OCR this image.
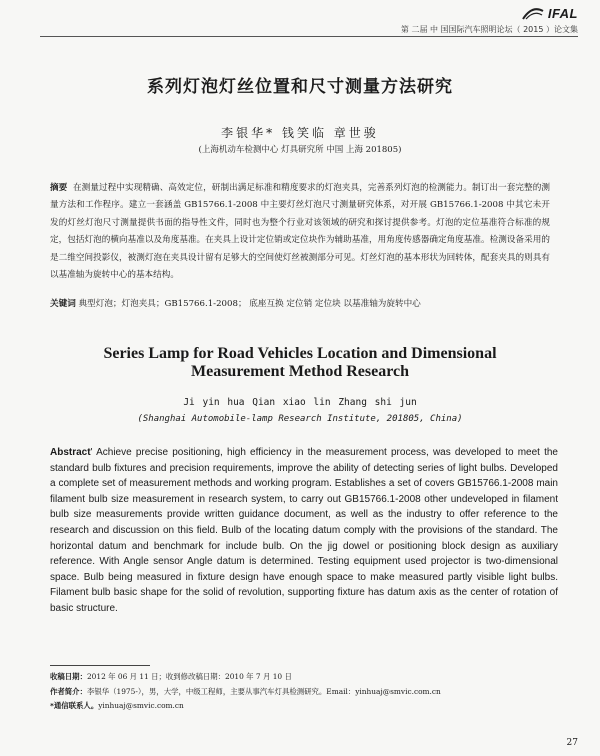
IFAL
第 二届 中 国国际汽车照明论坛（ 2015 ）论文集
系列灯泡灯丝位置和尺寸测量方法研究
李银华* 钱笑临 章世骏
(上海机动车检测中心 灯具研究所 中国 上海 201805)
摘要 在测量过程中实现精确、高效定位，研制出满足标准和精度要求的灯泡夹具，完善系列灯泡的检测能力。制订出一套完整的测量方法和工作程序。建立一套涵盖 GB15766.1-2008 中主要灯丝灯泡尺寸测量研究体系，对开展 GB15766.1-2008 中其它未开发的灯丝灯泡尺寸测量提供书面的指导性文件，同时也为整个行业对该领域的研究和探讨提供参考。灯泡的定位基准符合标准的规定，包括灯泡的横向基准以及角度基准。在夹具上设计定位销或定位块作为辅助基准，用角度传感器确定角度基准。检测设备采用的是二维空间投影仪，被测灯泡在夹具设计留有足够大的空间使灯丝被测部分可见。灯丝灯泡的基本形状为回转体，配套夹具的则具有以基准轴为旋转中心的基本结构。
关键词 典型灯泡；灯泡夹具；GB15766.1-2008； 底座互换 定位销 定位块 以基准轴为旋转中心
Series Lamp for Road Vehicles Location and Dimensional
Measurement Method Research
Ji yin hua Qian xiao lin Zhang shi jun
(Shanghai Automobile-lamp Research Institute, 201805, China)
Abstract' Achieve precise positioning, high efficiency in the measurement process, was developed to meet the standard bulb fixtures and precision requirements, improve the ability of detecting series of light bulbs. Developed a complete set of measurement methods and working program. Establishes a set of covers GB15766.1-2008 main filament bulb size measurement in research system, to carry out GB15766.1-2008 other undeveloped in filament bulb size measurements provide written guidance document, as well as the industry to offer reference to the research and discussion on this field. Bulb of the locating datum comply with the provisions of the standard. The horizontal datum and benchmark for include bulb. On the jig dowel or positioning block design as auxiliary reference. With Angle sensor Angle datum is determined. Testing equipment used projector is two-dimensional space. Bulb being measured in fixture design have enough space to make measured partly visible light bulbs. Filament bulb basic shape for the solid of revolution, supporting fixture has datum axis as the center of rotation of basic structure.
收稿日期：2012 年 06 月 11 日；收到修改稿日期：2010 年 7 月 10 日
作者简介：李银华（1975-），男，大学，中级工程师，主要从事汽车灯具检测研究。Email：yinhuaj@smvic.com.cn
*通信联系人。yinhuaj@smvic.com.cn
27
